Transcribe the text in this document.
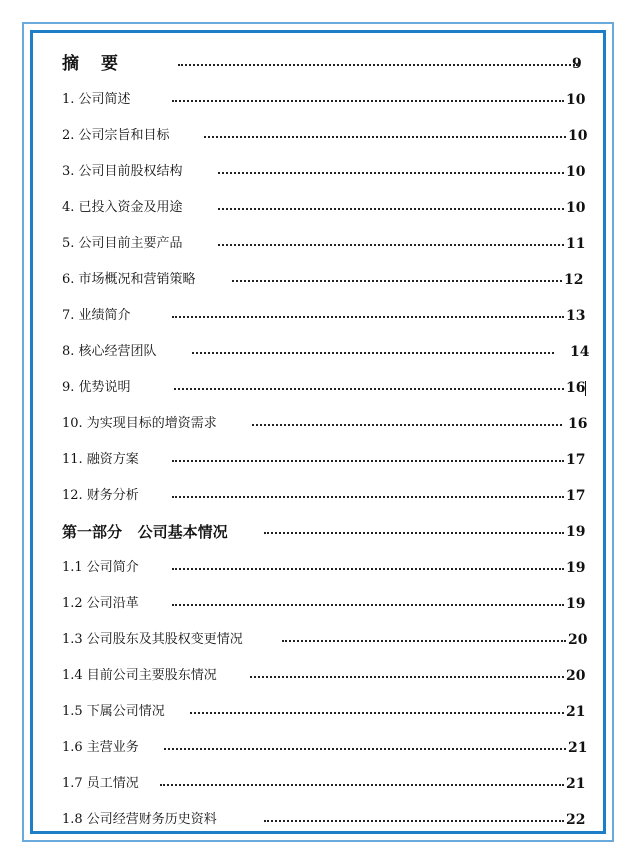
摘要	9
1. 公司简述	10
2. 公司宗旨和目标	10
3. 公司目前股权结构	10
4. 已投入资金及用途	10
5. 公司目前主要产品	11
6. 市场概况和营销策略	12
7. 业绩简介	13
8. 核心经营团队	14
9. 优势说明	16
10. 为实现目标的增资需求	16
11. 融资方案	17
12. 财务分析	17
第一部分   公司基本情况	19
1.1 公司简介	19
1.2 公司沿革	19
1.3 公司股东及其股权变更情况	20
1.4 目前公司主要股东情况	20
1.5 下属公司情况	21
1.6 主营业务	21
1.7 员工情况	21
1.8 公司经营财务历史资料	22
